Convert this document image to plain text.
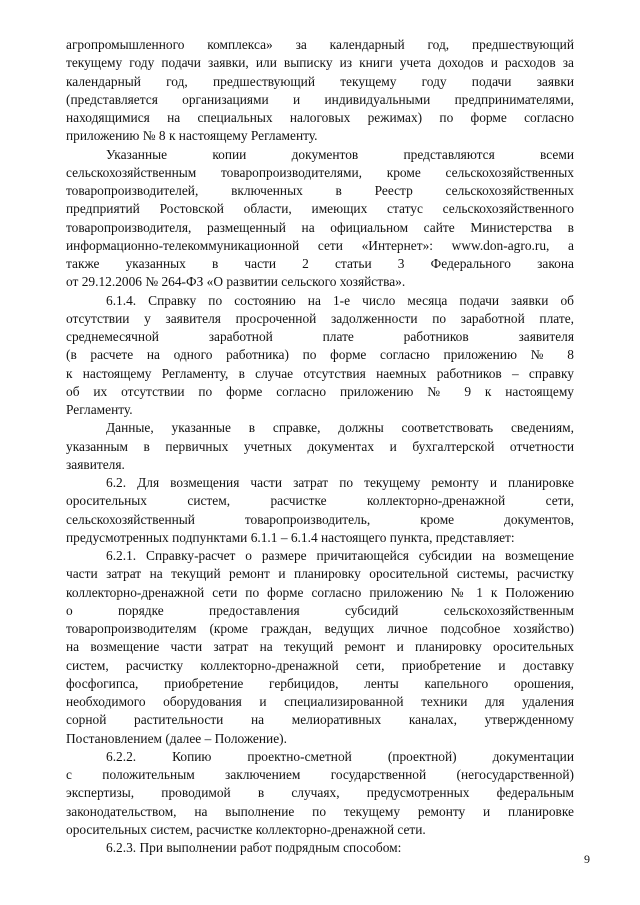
агропромышленного комплекса» за календарный год, предшествующий
текущему году подачи заявки, или выписку из книги учета доходов и расходов за
календарный год, предшествующий текущему году подачи заявки
(представляется организациями и индивидуальными предпринимателями,
находящимися на специальных налоговых режимах) по форме согласно
приложению № 8 к настоящему Регламенту.
Указанные копии документов представляются всеми
сельскохозяйственным товаропроизводителями, кроме сельскохозяйственных
товаропроизводителей, включенных в Реестр сельскохозяйственных
предприятий Ростовской области, имеющих статус сельскохозяйственного
товаропроизводителя, размещенный на официальном сайте Министерства в
информационно-телекоммуникационной сети «Интернет»: www.don-agro.ru, а
также указанных в части 2 статьи 3 Федерального закона
от 29.12.2006 № 264-ФЗ «О развитии сельского хозяйства».
6.1.4. Справку по состоянию на 1-е число месяца подачи заявки об
отсутствии у заявителя просроченной задолженности по заработной плате,
среднемесячной заработной плате работников заявителя
(в расчете на одного работника) по форме согласно приложению № 8
к настоящему Регламенту, в случае отсутствия наемных работников – справку
об их отсутствии по форме согласно приложению № 9 к настоящему
Регламенту.
Данные, указанные в справке, должны соответствовать сведениям,
указанным в первичных учетных документах и бухгалтерской отчетности
заявителя.
6.2. Для возмещения части затрат по текущему ремонту и планировке
оросительных систем, расчистке коллекторно-дренажной сети,
сельскохозяйственный товаропроизводитель, кроме документов,
предусмотренных подпунктами 6.1.1 – 6.1.4 настоящего пункта, представляет:
6.2.1. Справку-расчет о размере причитающейся субсидии на возмещение
части затрат на текущий ремонт и планировку оросительной системы, расчистку
коллекторно-дренажной сети по форме согласно приложению № 1 к Положению
о порядке предоставления субсидий сельскохозяйственным
товаропроизводителям (кроме граждан, ведущих личное подсобное хозяйство)
на возмещение части затрат на текущий ремонт и планировку оросительных
систем, расчистку коллекторно-дренажной сети, приобретение и доставку
фосфогипса, приобретение гербицидов, ленты капельного орошения,
необходимого оборудования и специализированной техники для удаления
сорной растительности на мелиоративных каналах, утвержденному
Постановлением (далее – Положение).
6.2.2. Копию проектно-сметной (проектной) документации
с положительным заключением государственной (негосударственной)
экспертизы, проводимой в случаях, предусмотренных федеральным
законодательством, на выполнение по текущему ремонту и планировке
оросительных систем, расчистке коллекторно-дренажной сети.
6.2.3. При выполнении работ подрядным способом:
9
